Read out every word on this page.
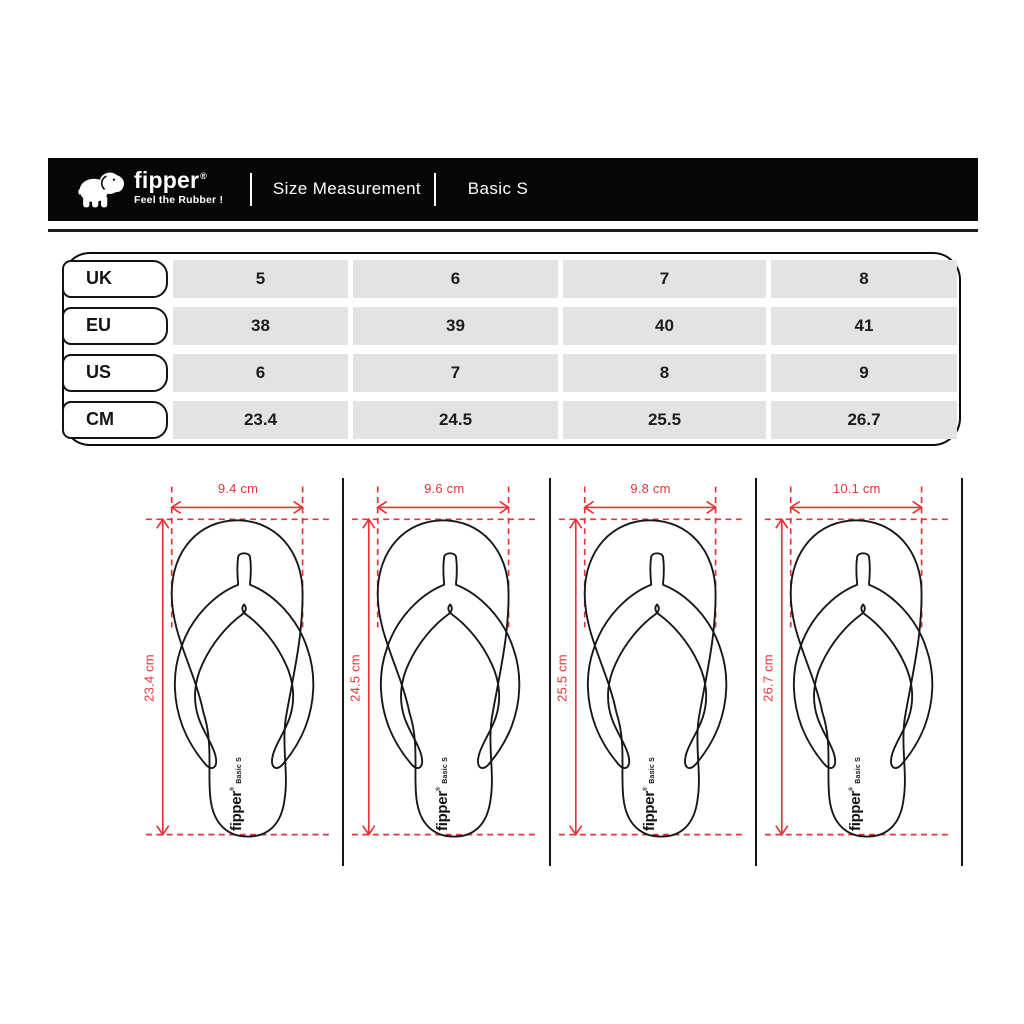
fipper®
Feel the Rubber !
Size Measurement	Basic S
UK	5	6	7	8
EU	38	39	40	41
US	6	7	8	9
CM	23.4	24.5	25.5	26.7
9.4 cm
23.4 cm
fipper®Basic S
9.6 cm
24.5 cm
fipper®Basic S
9.8 cm
25.5 cm
fipper®Basic S
10.1 cm
26.7 cm
fipper®Basic S
